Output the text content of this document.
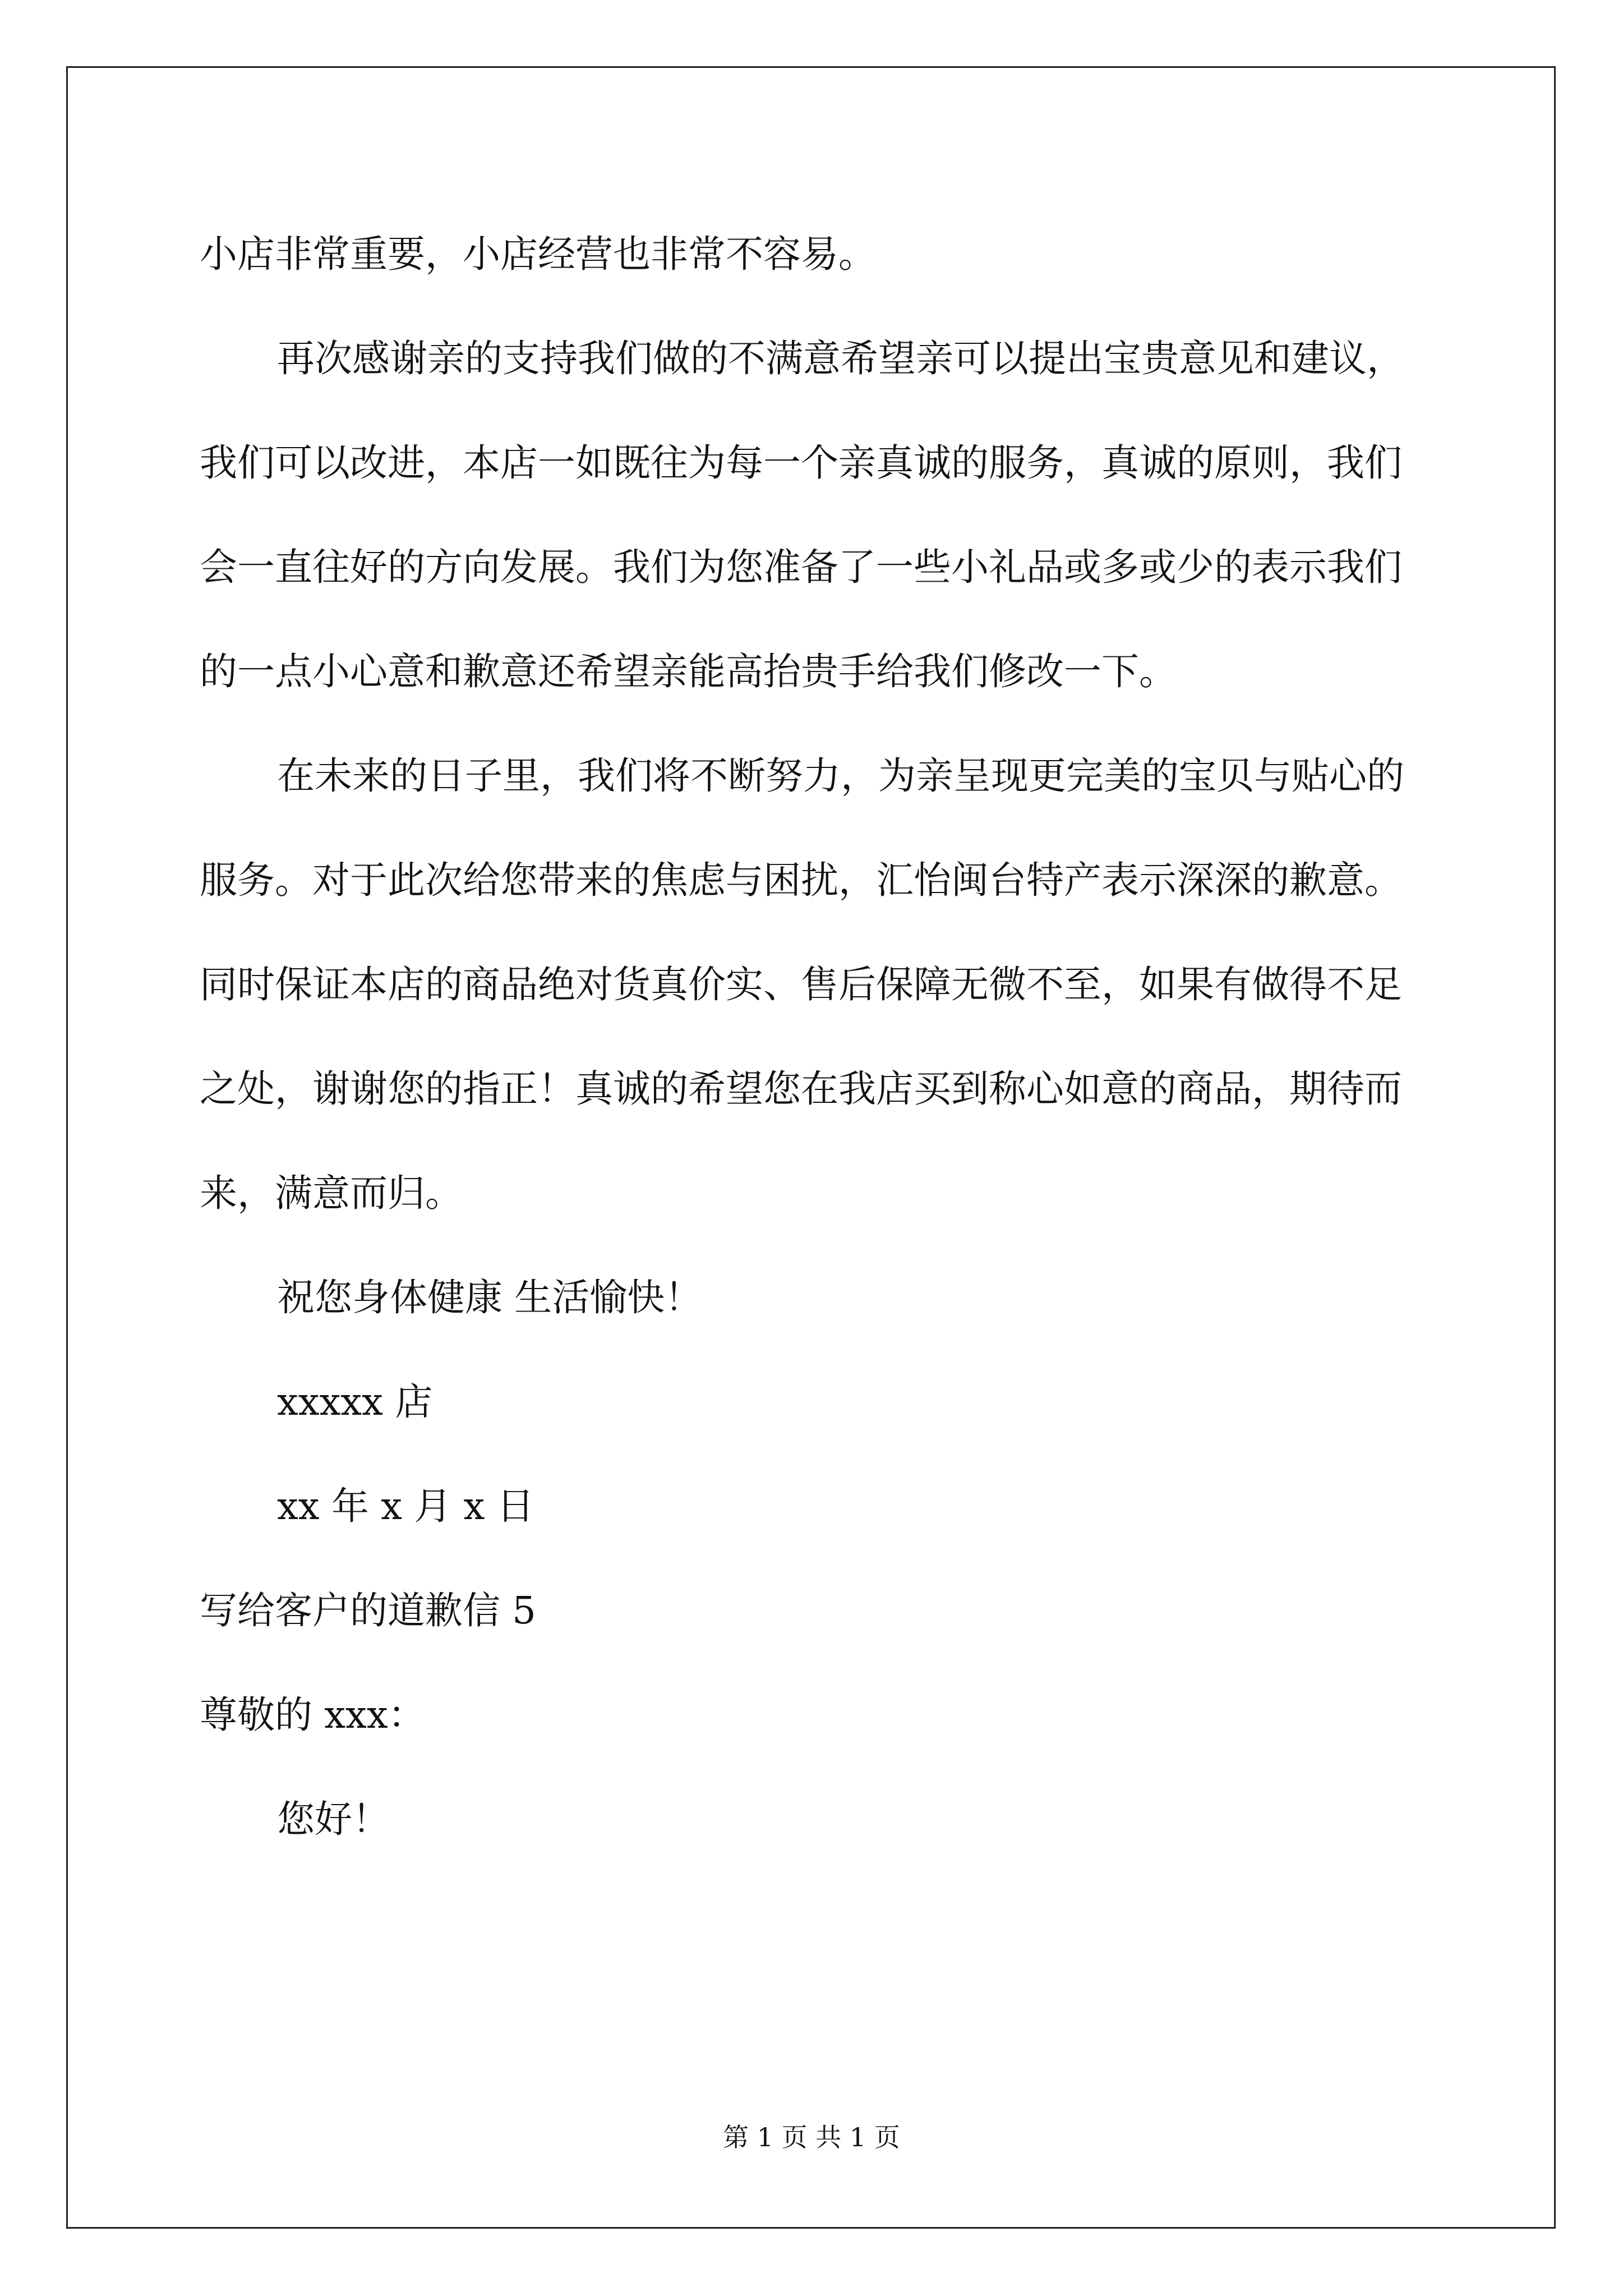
小店非常重要，小店经营也非常不容易。

再次感谢亲的支持我们做的不满意希望亲可以提出宝贵意见和建议，我们可以改进，本店一如既往为每一个亲真诚的服务，真诚的原则，我们会一直往好的方向发展。我们为您准备了一些小礼品或多或少的表示我们的一点小心意和歉意还希望亲能高抬贵手给我们修改一下。

在未来的日子里，我们将不断努力，为亲呈现更完美的宝贝与贴心的服务。对于此次给您带来的焦虑与困扰，汇怡闽台特产表示深深的歉意。同时保证本店的商品绝对货真价实、售后保障无微不至，如果有做得不足之处，谢谢您的指正！真诚的希望您在我店买到称心如意的商品，期待而来，满意而归。

祝您身体健康 生活愉快！

xxxxx 店

xx 年 x 月 x 日

写给客户的道歉信 5

尊敬的 xxx：

您好！

第 1 页 共 1 页
